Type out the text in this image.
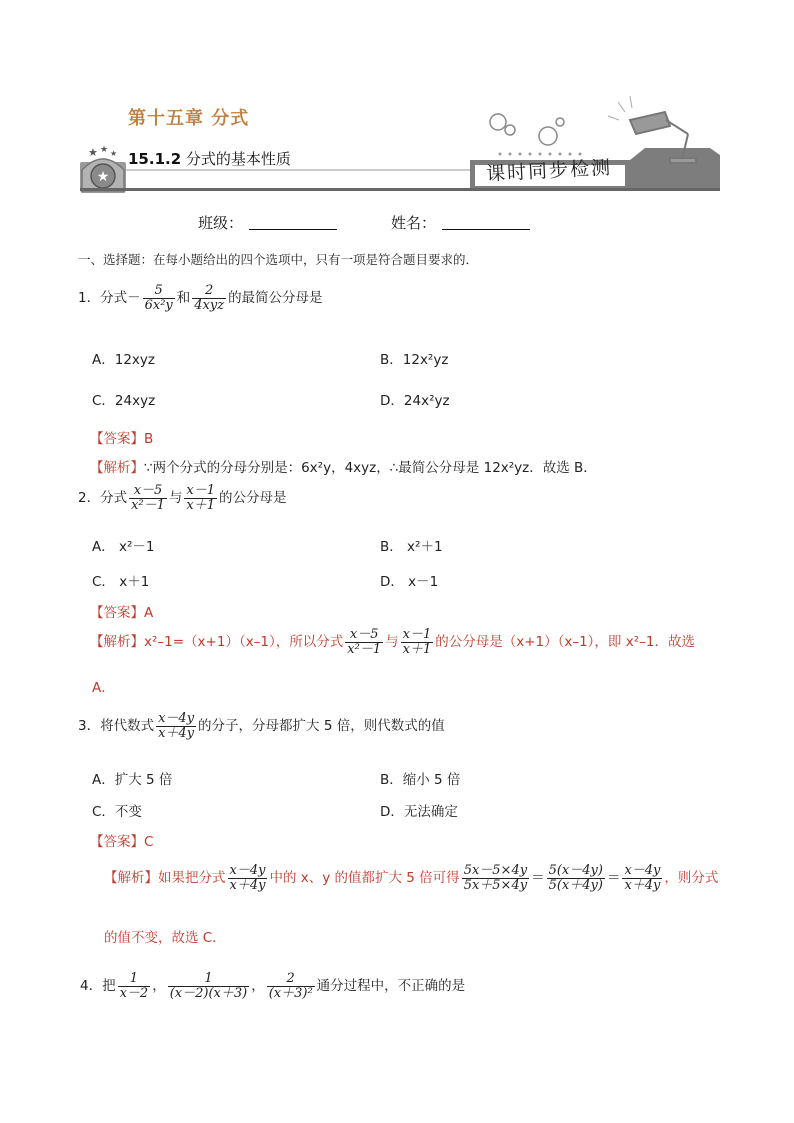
★
★ ★ ★
第十五章 分式
15.1.2 分式的基本性质	课时同步检测
班级：	姓名：
一、选择题：在每小题给出的四个选项中，只有一项是符合题目要求的．
1．分式－ $\frac{5}{\text{6x²y}}$ 和 $\frac{2}{\text{4xyz}}$ 的最简公分母是
A．12xyz	B．12x²yz
C．24xyz	D．24x²yz
【答案】B
【解析】∵两个分式的分母分别是：6x²y，4xyz，∴最简公分母是 12x²yz．故选 B．
2．分式 $\frac{x-5}{\text{x²－1}}$ 与 $\frac{x-1}{x+1}$ 的公分母是
A． x²－1	B． x²＋1
C． x＋1	D． x－1
【答案】A
【解析】x²–1=（x+1）（x–1），所以分式 $\frac{x-5}{\text{x²－1}}$ 与 $\frac{x-1}{x+1}$ 的公分母是（x+1）（x–1），即 x²–1．故选
A．
3．将代数式 $\frac{x-4y}{x+4y}$ 的分子，分母都扩大 5 倍，则代数式的值
A．扩大 5 倍	B．缩小 5 倍
C．不变	D．无法确定
【答案】C
【解析】如果把分式 $\frac{x-4y}{x+4y}$ 中的 x、y 的值都扩大 5 倍可得 $\frac{5x-5\times 4y}{5x+5\times 4y} = \frac{5(x-4y)}{5(x+4y)} = \frac{x-4y}{x+4y}$ ，则分式
的值不变，故选 C．
4．把 $\frac{1}{x-2}$ ， $\frac{1}{(x-2)(x+3)}$ ， $\frac{2}{\text{(x＋3)²}}$ 通分过程中，不正确的是
